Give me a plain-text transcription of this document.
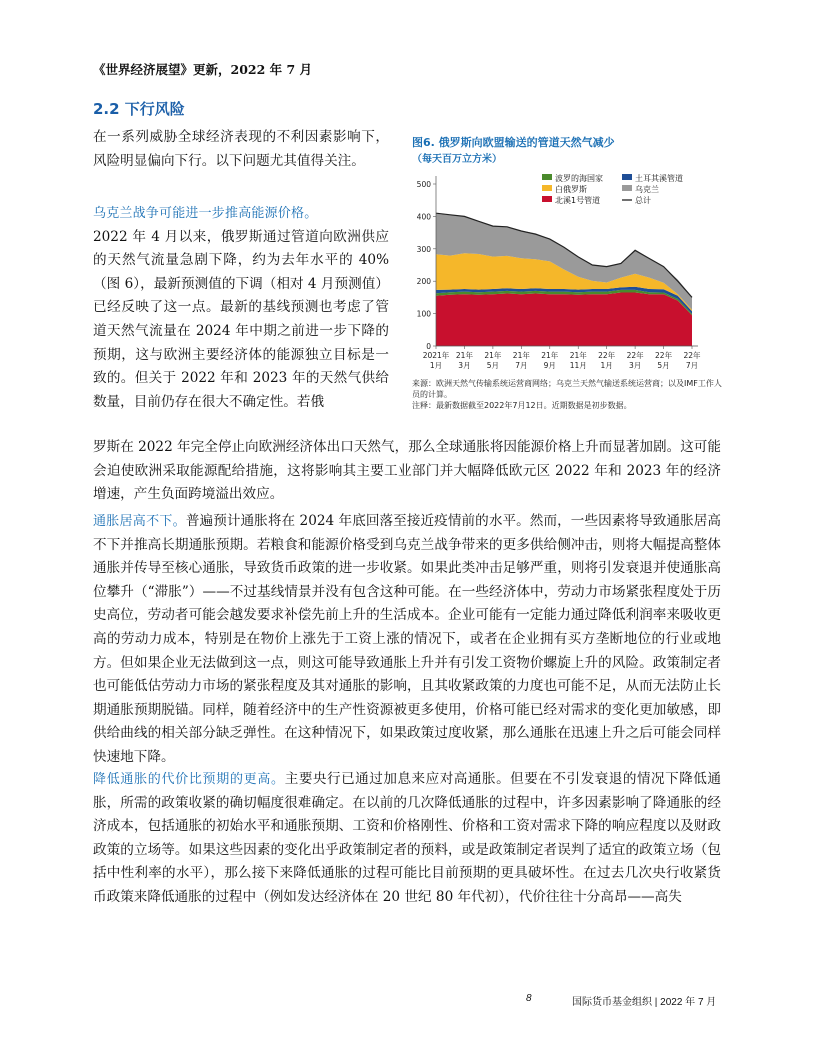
《世界经济展望》更新，2022 年 7 月
2.2 下行风险

在一系列威胁全球经济表现的不利因素影响下，风险明显偏向下行。以下问题尤其值得关注。

乌克兰战争可能进一步推高能源价格。
2022 年 4 月以来，俄罗斯通过管道向欧洲供应的天然气流量急剧下降，约为去年水平的 40%（图 6），最新预测值的下调（相对 4 月预测值）已经反映了这一点。最新的基线预测也考虑了管道天然气流量在 2024 年中期之前进一步下降的预期，这与欧洲主要经济体的能源独立目标是一致的。但关于 2022 年和 2023 年的天然气供给数量，目前仍存在很大不确定性。若俄

罗斯在 2022 年完全停止向欧洲经济体出口天然气，那么全球通胀将因能源价格上升而显著加剧。这可能会迫使欧洲采取能源配给措施，这将影响其主要工业部门并大幅降低欧元区 2022 年和 2023 年的经济增速，产生负面跨境溢出效应。

通胀居高不下。普遍预计通胀将在 2024 年底回落至接近疫情前的水平。然而，一些因素将导致通胀居高不下并推高长期通胀预期。若粮食和能源价格受到乌克兰战争带来的更多供给侧冲击，则将大幅提高整体通胀并传导至核心通胀，导致货币政策的进一步收紧。如果此类冲击足够严重，则将引发衰退并使通胀高位攀升（“滞胀”）——不过基线情景并没有包含这种可能。在一些经济体中，劳动力市场紧张程度处于历史高位，劳动者可能会越发要求补偿先前上升的生活成本。企业可能有一定能力通过降低利润率来吸收更高的劳动力成本，特别是在物价上涨先于工资上涨的情况下，或者在企业拥有买方垄断地位的行业或地方。但如果企业无法做到这一点，则这可能导致通胀上升并有引发工资物价螺旋上升的风险。政策制定者也可能低估劳动力市场的紧张程度及其对通胀的影响，且其收紧政策的力度也可能不足，从而无法防止长期通胀预期脱锚。同样，随着经济中的生产性资源被更多使用，价格可能已经对需求的变化更加敏感，即供给曲线的相关部分缺乏弹性。在这种情况下，如果政策过度收紧，那么通胀在迅速上升之后可能会同样快速地下降。

降低通胀的代价比预期的更高。主要央行已通过加息来应对高通胀。但要在不引发衰退的情况下降低通胀，所需的政策收紧的确切幅度很难确定。在以前的几次降低通胀的过程中，许多因素影响了降通胀的经济成本，包括通胀的初始水平和通胀预期、工资和价格刚性、价格和工资对需求下降的响应程度以及财政政策的立场等。如果这些因素的变化出乎政策制定者的预料，或是政策制定者误判了适宜的政策立场（包括中性利率的水平），那么接下来降低通胀的过程可能比目前预期的更具破坏性。在过去几次央行收紧货币政策来降低通胀的过程中（例如发达经济体在 20 世纪 80 年代初），代价往往十分高昂——高失

图6. 俄罗斯向欧盟输送的管道天然气减少
（每天百万立方米）
0
100
200
300
400
500
2021年
1月
21年
3月
21年
5月
21年
7月
21年
9月
21年
11月
22年
1月
22年
3月
22年
5月
22年
7月
波罗的海国家	土耳其溪管道
白俄罗斯	乌克兰
北溪1号管道	总计
来源：欧洲天然气传输系统运营商网络；乌克兰天然气输送系统运营商；以及IMF工作人员的计算。
注释：最新数据截至2022年7月12日。近期数据是初步数据。
8	国际货币基金组织 | 2022 年 7 月
